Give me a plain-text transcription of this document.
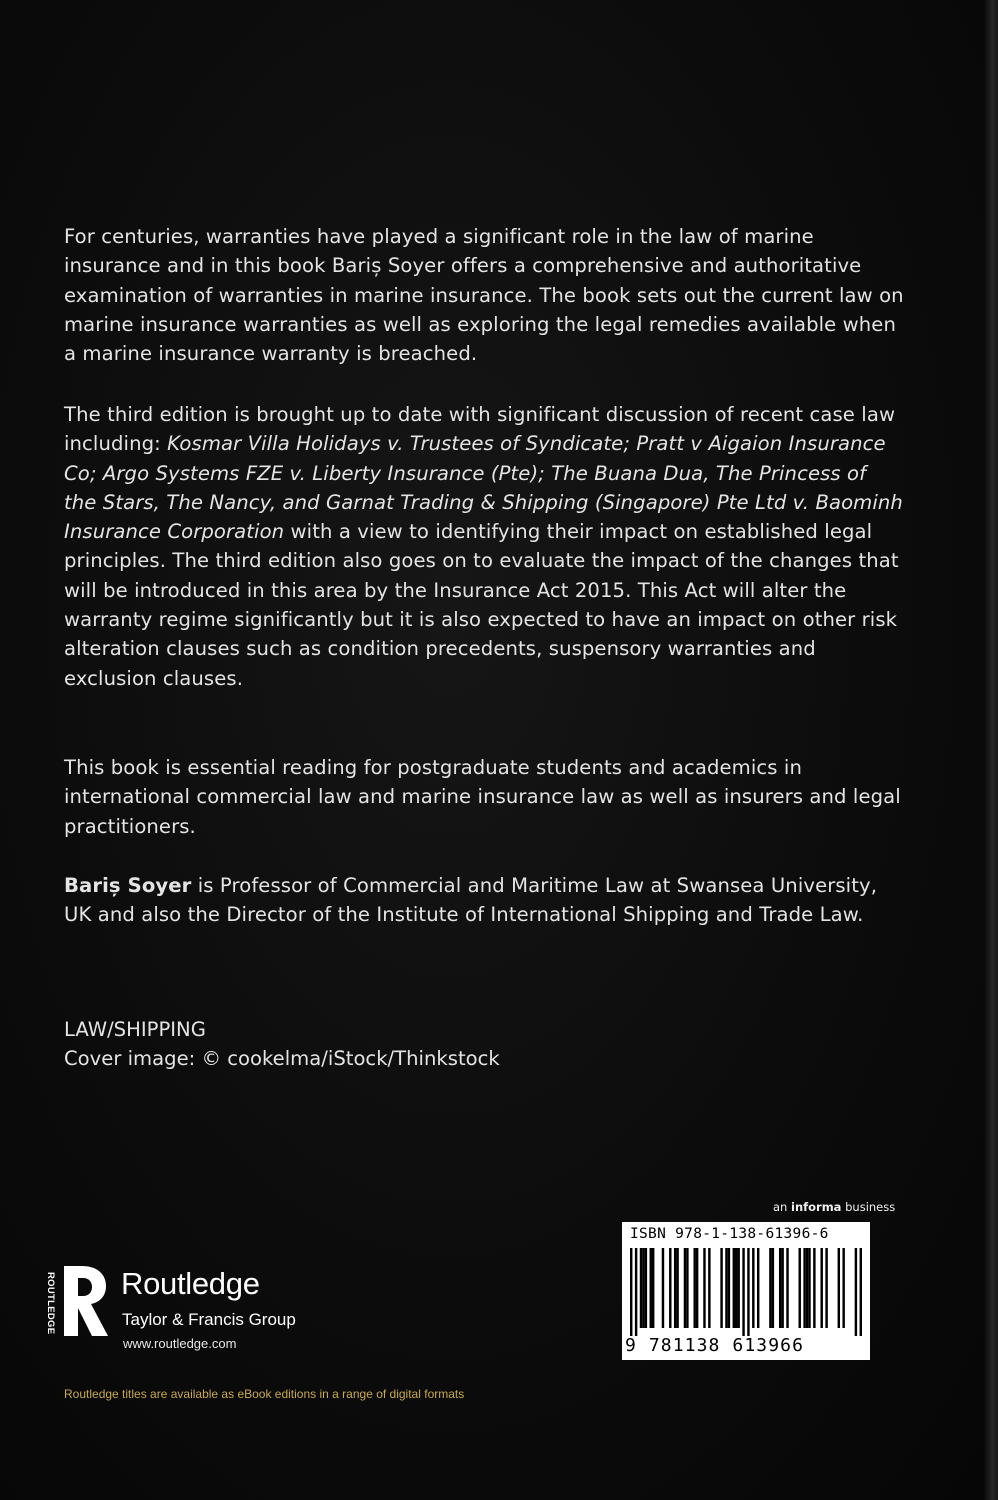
For centuries, warranties have played a significant role in the law of marine insurance and in this book Bariș Soyer offers a comprehensive and authoritative examination of warranties in marine insurance. The book sets out the current law on marine insurance warranties as well as exploring the legal remedies available when a marine insurance warranty is breached.

The third edition is brought up to date with significant discussion of recent case law including: Kosmar Villa Holidays v. Trustees of Syndicate; Pratt v Aigaion Insurance Co; Argo Systems FZE v. Liberty Insurance (Pte); The Buana Dua, The Princess of the Stars, The Nancy, and Garnat Trading & Shipping (Singapore) Pte Ltd v. Baominh Insurance Corporation with a view to identifying their impact on established legal principles. The third edition also goes on to evaluate the impact of the changes that will be introduced in this area by the Insurance Act 2015. This Act will alter the warranty regime significantly but it is also expected to have an impact on other risk alteration clauses such as condition precedents, suspensory warranties and exclusion clauses.

This book is essential reading for postgraduate students and academics in international commercial law and marine insurance law as well as insurers and legal practitioners.

Bariș Soyer is Professor of Commercial and Maritime Law at Swansea University, UK and also the Director of the Institute of International Shipping and Trade Law.

LAW/SHIPPING
Cover image: © cookelma/iStock/Thinkstock
an informa business
ISBN 978-1-138-61396-6
9 781138 613966
ROUTLEDGE Routledge
Taylor & Francis Group
www.routledge.com
Routledge titles are available as eBook editions in a range of digital formats
